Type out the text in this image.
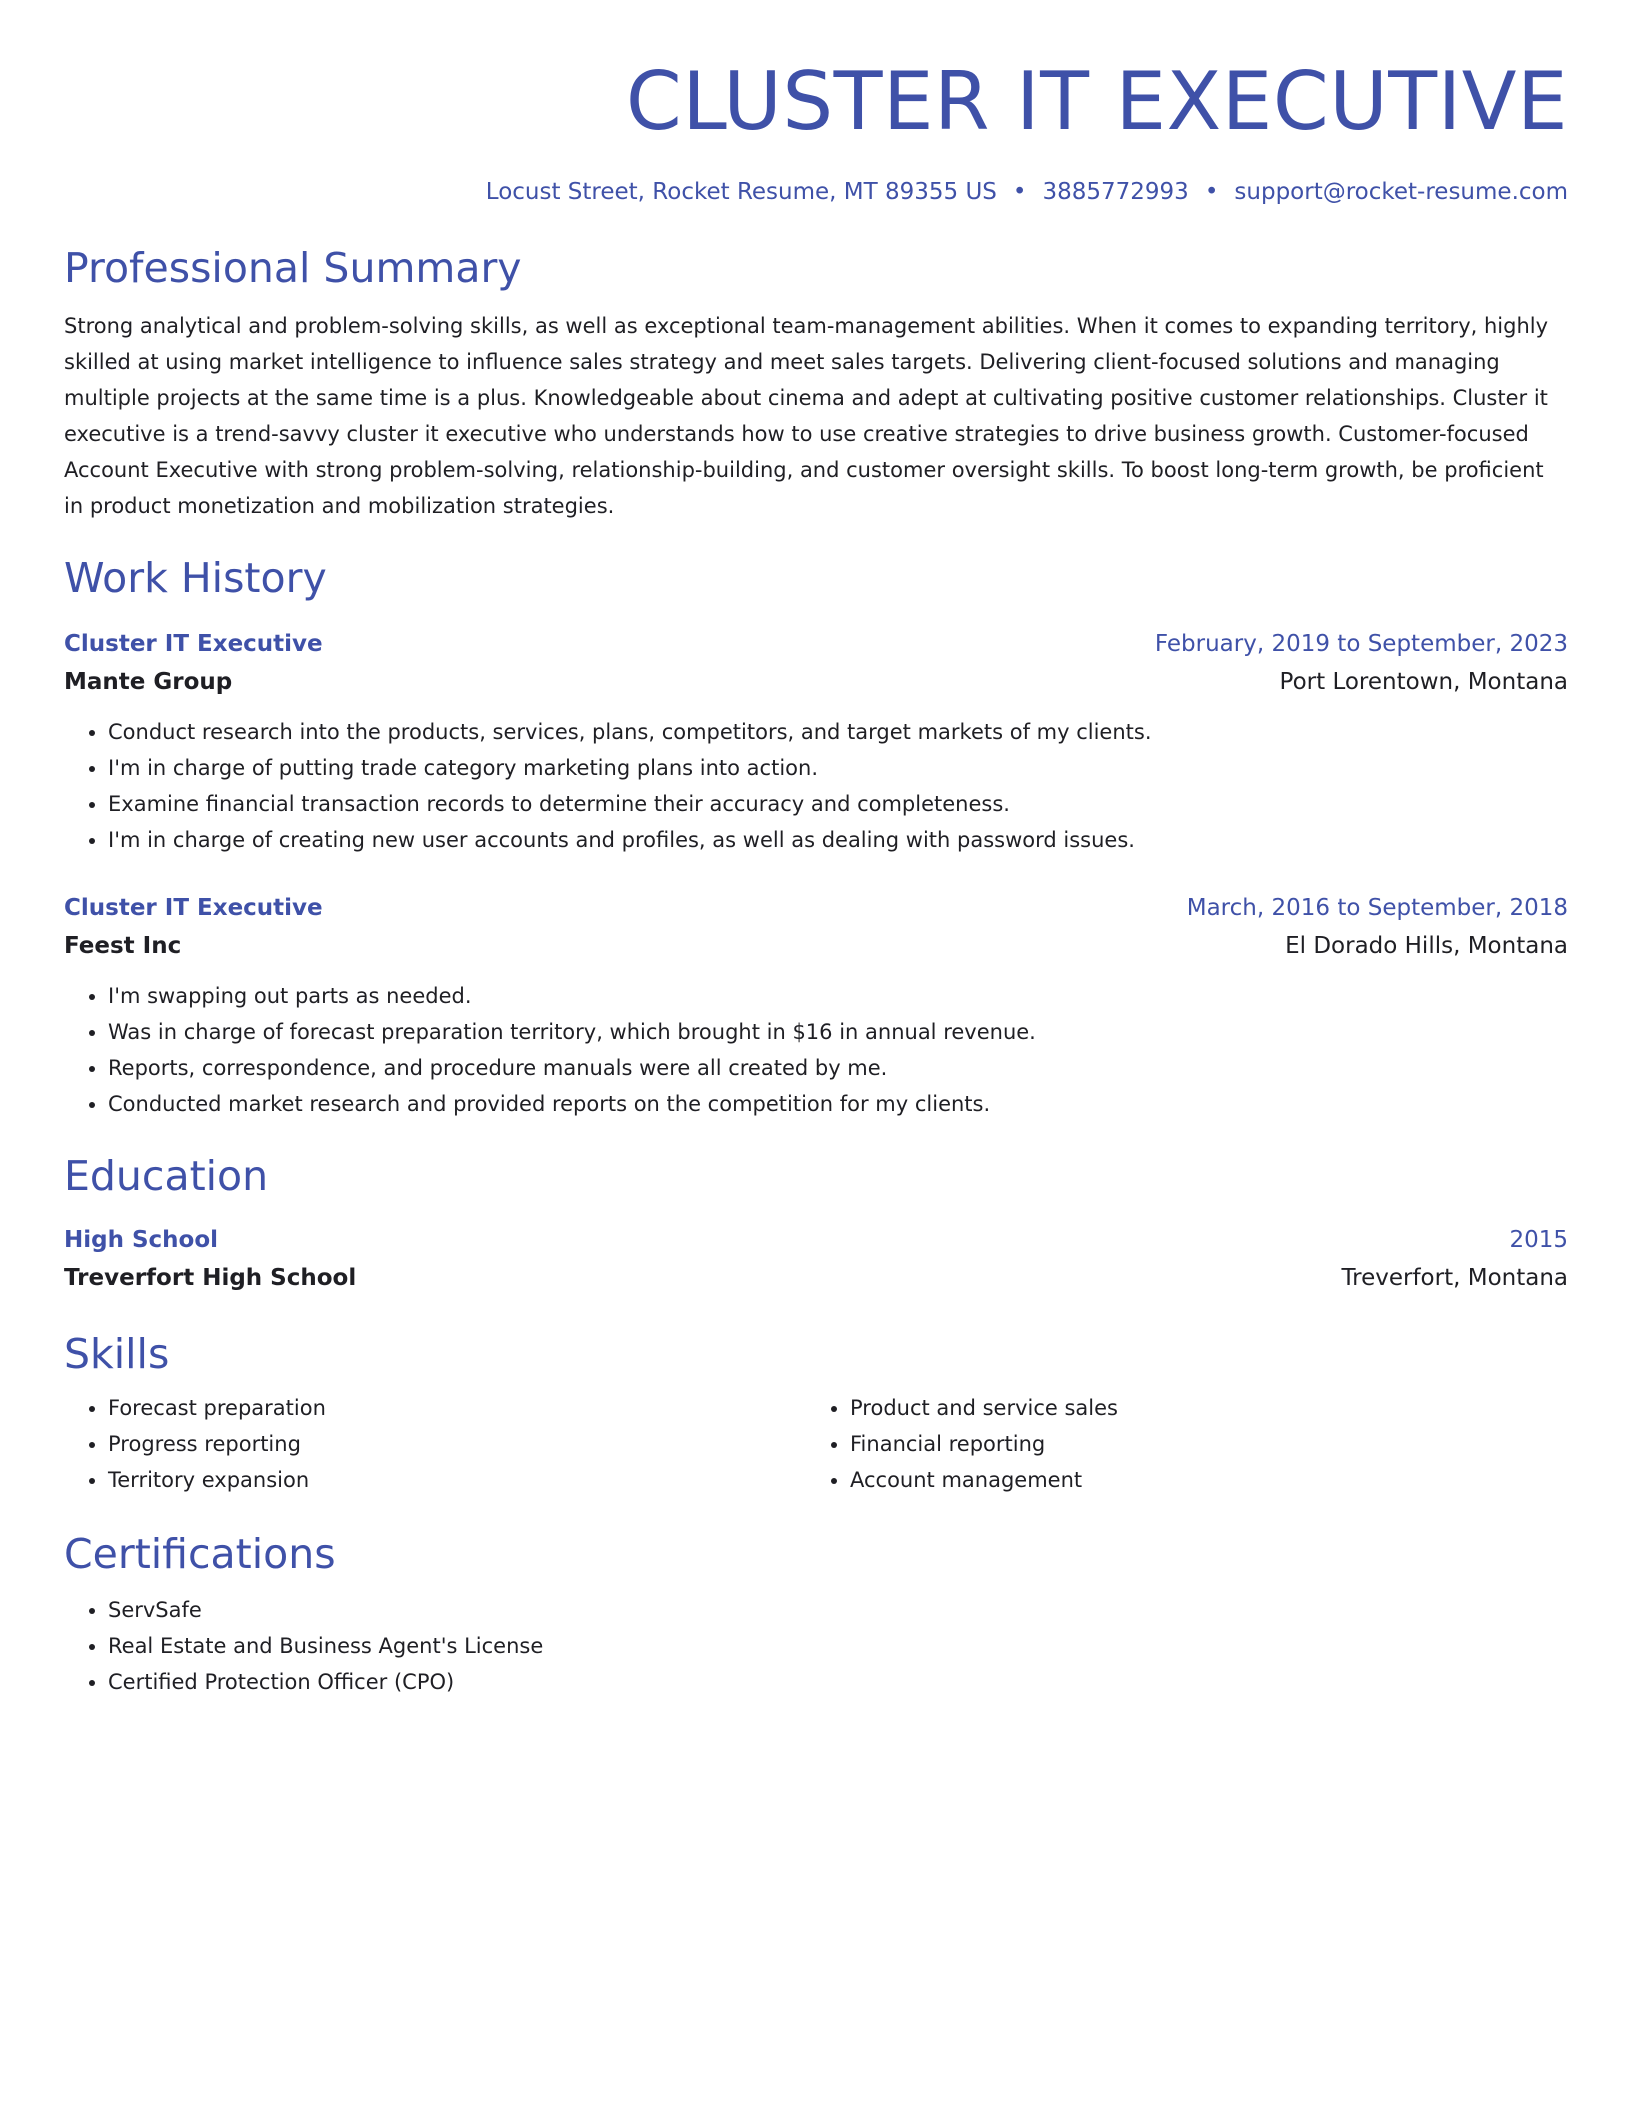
CLUSTER IT EXECUTIVE
Locust Street, Rocket Resume, MT 89355 US • 3885772993 • support@rocket-resume.com
Professional Summary
Strong analytical and problem-solving skills, as well as exceptional team-management abilities. When it comes to expanding territory, highly skilled at using market intelligence to influence sales strategy and meet sales targets. Delivering client-focused solutions and managing multiple projects at the same time is a plus. Knowledgeable about cinema and adept at cultivating positive customer relationships. Cluster it executive is a trend-savvy cluster it executive who understands how to use creative strategies to drive business growth. Customer-focused Account Executive with strong problem-solving, relationship-building, and customer oversight skills. To boost long-term growth, be proficient in product monetization and mobilization strategies.
Work History
Cluster IT Executive	February, 2019 to September, 2023
Mante Group	Port Lorentown, Montana
• Conduct research into the products, services, plans, competitors, and target markets of my clients.
• I'm in charge of putting trade category marketing plans into action.
• Examine financial transaction records to determine their accuracy and completeness.
• I'm in charge of creating new user accounts and profiles, as well as dealing with password issues.
Cluster IT Executive	March, 2016 to September, 2018
Feest Inc	El Dorado Hills, Montana
• I'm swapping out parts as needed.
• Was in charge of forecast preparation territory, which brought in $16 in annual revenue.
• Reports, correspondence, and procedure manuals were all created by me.
• Conducted market research and provided reports on the competition for my clients.
Education
High School	2015
Treverfort High School	Treverfort, Montana
Skills
• Forecast preparation
• Progress reporting
• Territory expansion
• Product and service sales
• Financial reporting
• Account management
Certifications
• ServSafe
• Real Estate and Business Agent's License
• Certified Protection Officer (CPO)
